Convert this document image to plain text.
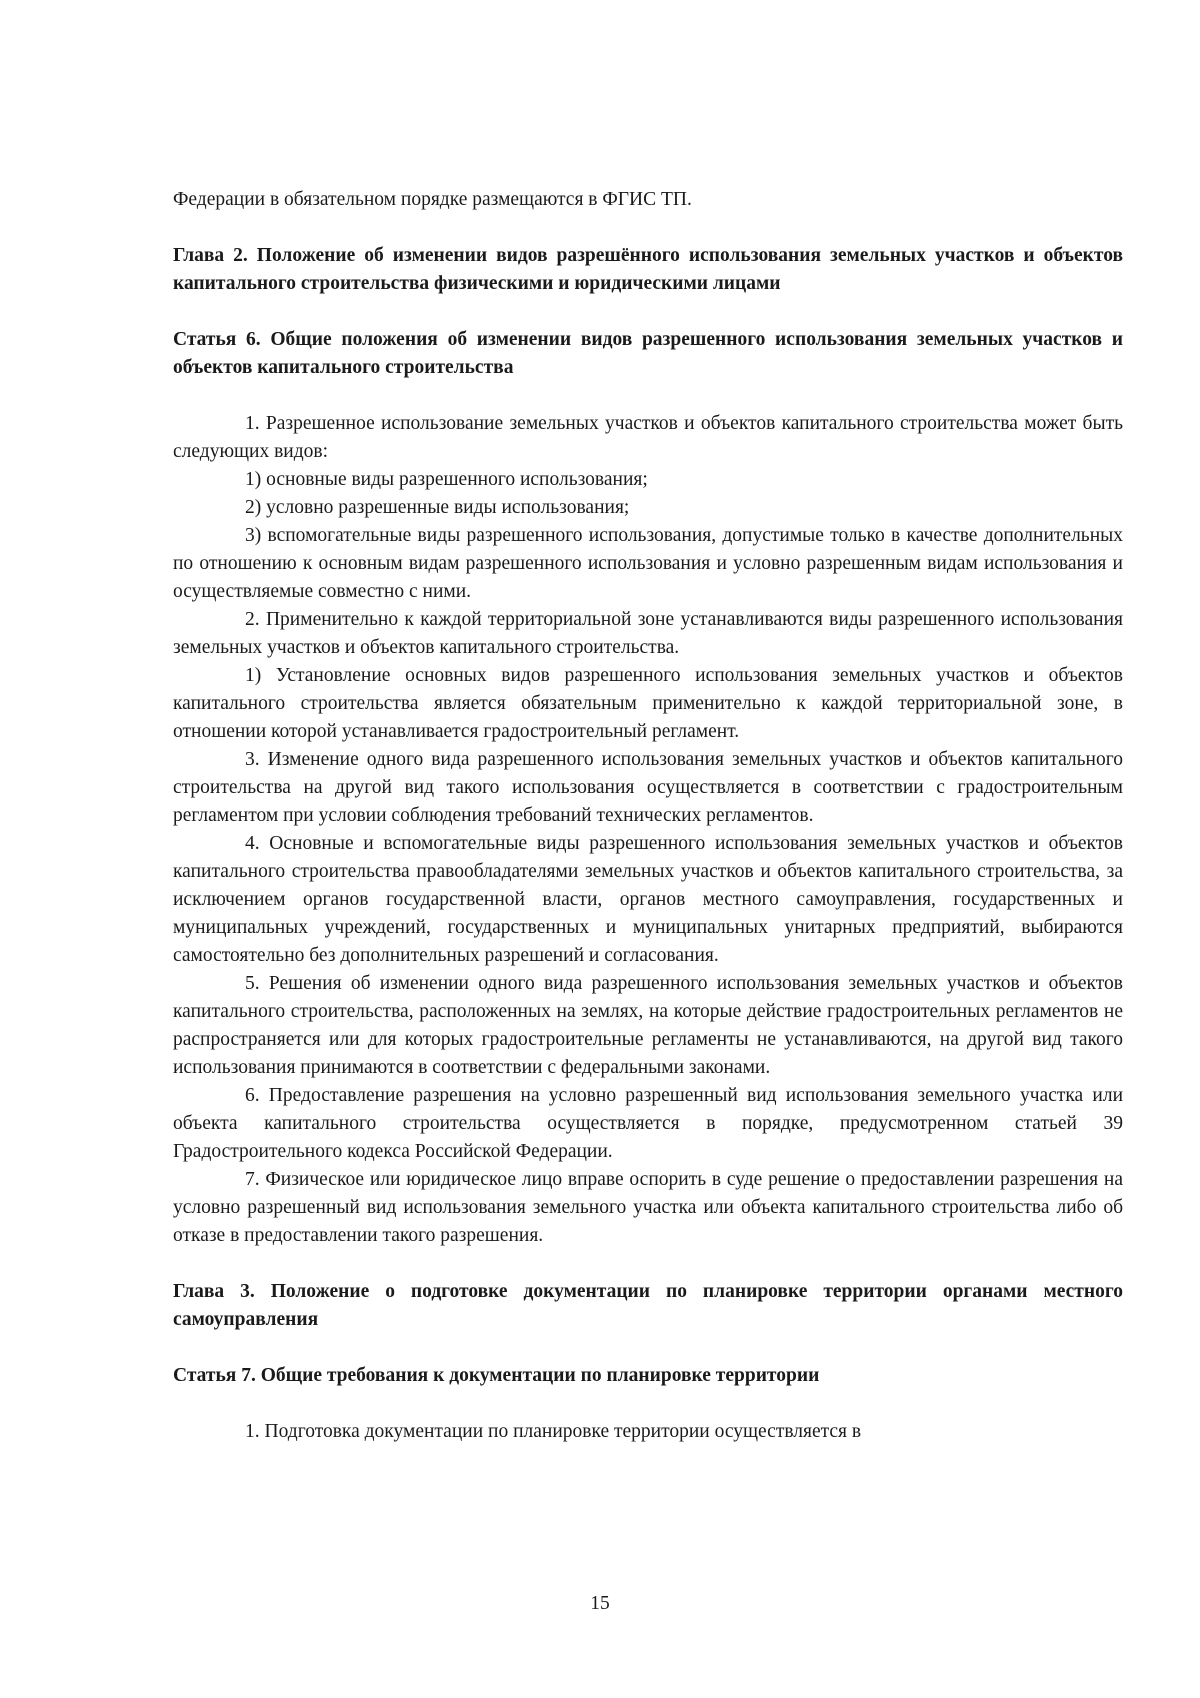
Федерации в обязательном порядке размещаются в ФГИС ТП.

Глава 2. Положение об изменении видов разрешённого использования земельных участков и объектов капитального строительства физическими и юридическими лицами

Статья 6. Общие положения об изменении видов разрешенного использования земельных участков и объектов капитального строительства

1. Разрешенное использование земельных участков и объектов капитального строительства может быть следующих видов:

1) основные виды разрешенного использования;

2) условно разрешенные виды использования;

3) вспомогательные виды разрешенного использования, допустимые только в качестве дополнительных по отношению к основным видам разрешенного использования и условно разрешенным видам использования и осуществляемые совместно с ними.

2. Применительно к каждой территориальной зоне устанавливаются виды разрешенного использования земельных участков и объектов капитального строительства.

1) Установление основных видов разрешенного использования земельных участков и объектов капитального строительства является обязательным применительно к каждой территориальной зоне, в отношении которой устанавливается градостроительный регламент.

3. Изменение одного вида разрешенного использования земельных участков и объектов капитального строительства на другой вид такого использования осуществляется в соответствии с градостроительным регламентом при условии соблюдения требований технических регламентов.

4. Основные и вспомогательные виды разрешенного использования земельных участков и объектов капитального строительства правообладателями земельных участков и объектов капитального строительства, за исключением органов государственной власти, органов местного самоуправления, государственных и муниципальных учреждений, государственных и муниципальных унитарных предприятий, выбираются самостоятельно без дополнительных разрешений и согласования.

5. Решения об изменении одного вида разрешенного использования земельных участков и объектов капитального строительства, расположенных на землях, на которые действие градостроительных регламентов не распространяется или для которых градостроительные регламенты не устанавливаются, на другой вид такого использования принимаются в соответствии с федеральными законами.

6. Предоставление разрешения на условно разрешенный вид использования земельного участка или объекта капитального строительства осуществляется в порядке, предусмотренном статьей 39 Градостроительного кодекса Российской Федерации.

7. Физическое или юридическое лицо вправе оспорить в суде решение о предоставлении разрешения на условно разрешенный вид использования земельного участка или объекта капитального строительства либо об отказе в предоставлении такого разрешения.

Глава 3. Положение о подготовке документации по планировке территории органами местного самоуправления

Статья 7. Общие требования к документации по планировке территории

1. Подготовка документации по планировке территории осуществляется в

15
